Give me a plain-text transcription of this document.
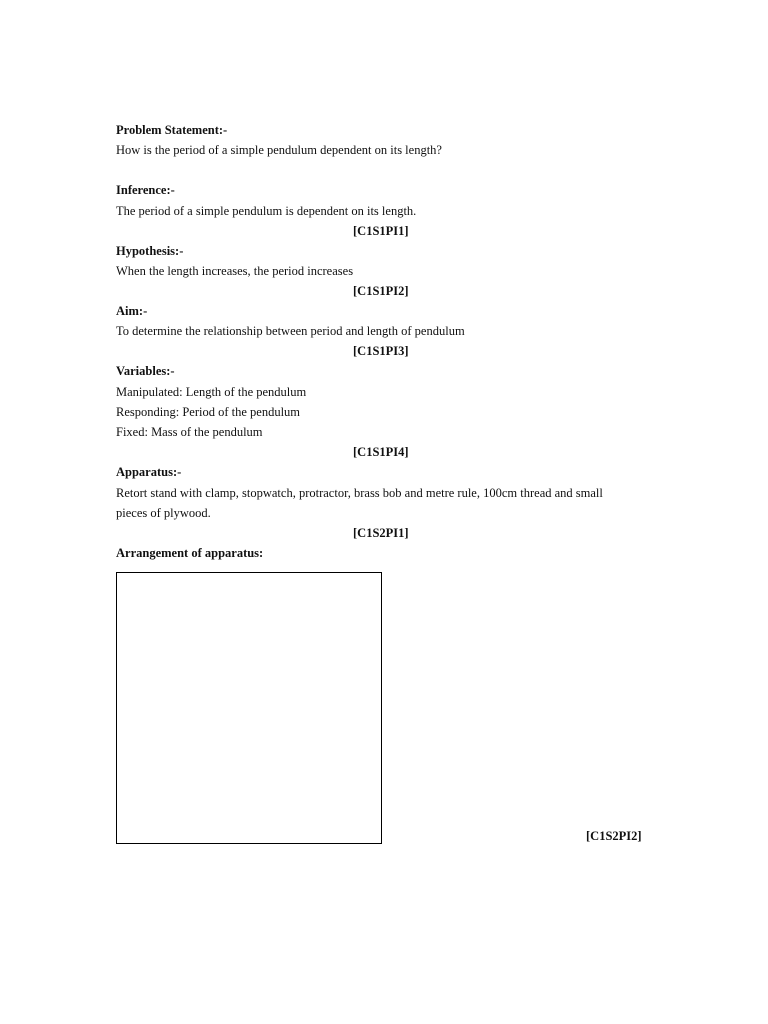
Problem Statement:-
How is the period of a simple pendulum dependent on its length?
Inference:-
The period of a simple pendulum is dependent on its length.
[C1S1PI1]
Hypothesis:-
When the length increases, the period increases
[C1S1PI2]
Aim:-
To determine the relationship between period and length of pendulum
[C1S1PI3]
Variables:-
Manipulated: Length of the pendulum
Responding: Period of the pendulum
Fixed: Mass of the pendulum
[C1S1PI4]
Apparatus:-
Retort stand with clamp, stopwatch, protractor, brass bob and metre rule, 100cm thread and small
pieces of plywood.
[C1S2PI1]
Arrangement of apparatus:
[C1S2PI2]
